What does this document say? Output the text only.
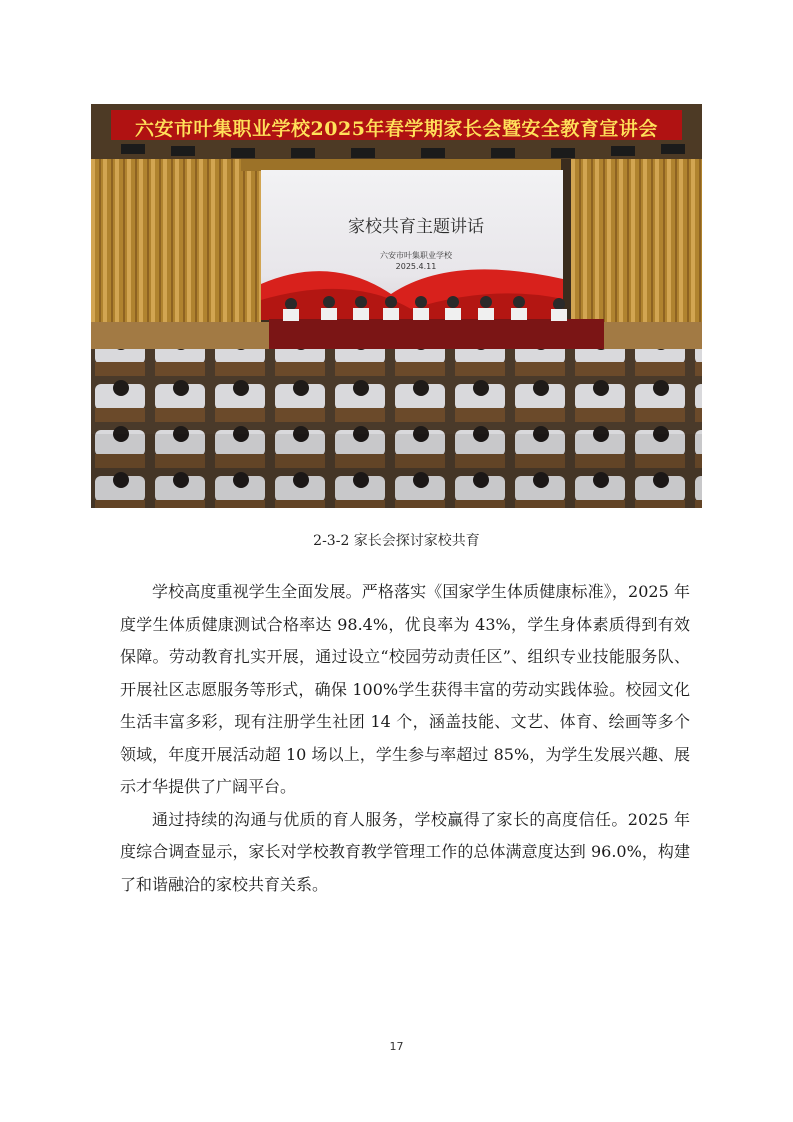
六安市叶集职业学校2025年春学期家长会暨安全教育宣讲会
家校共育主题讲话
六安市叶集职业学校
2025.4.11
2-3-2 家长会探讨家校共育

学校高度重视学生全面发展。严格落实《国家学生体质健康标准》，2025 年度学生体质健康测试合格率达 98.4%，优良率为 43%，学生身体素质得到有效保障。劳动教育扎实开展，通过设立“校园劳动责任区”、组织专业技能服务队、开展社区志愿服务等形式，确保 100%学生获得丰富的劳动实践体验。校园文化生活丰富多彩，现有注册学生社团 14 个，涵盖技能、文艺、体育、绘画等多个领域，年度开展活动超 10 场以上，学生参与率超过 85%，为学生发展兴趣、展示才华提供了广阔平台。

通过持续的沟通与优质的育人服务，学校赢得了家长的高度信任。2025 年度综合调查显示，家长对学校教育教学管理工作的总体满意度达到 96.0%，构建了和谐融洽的家校共育关系。

17
